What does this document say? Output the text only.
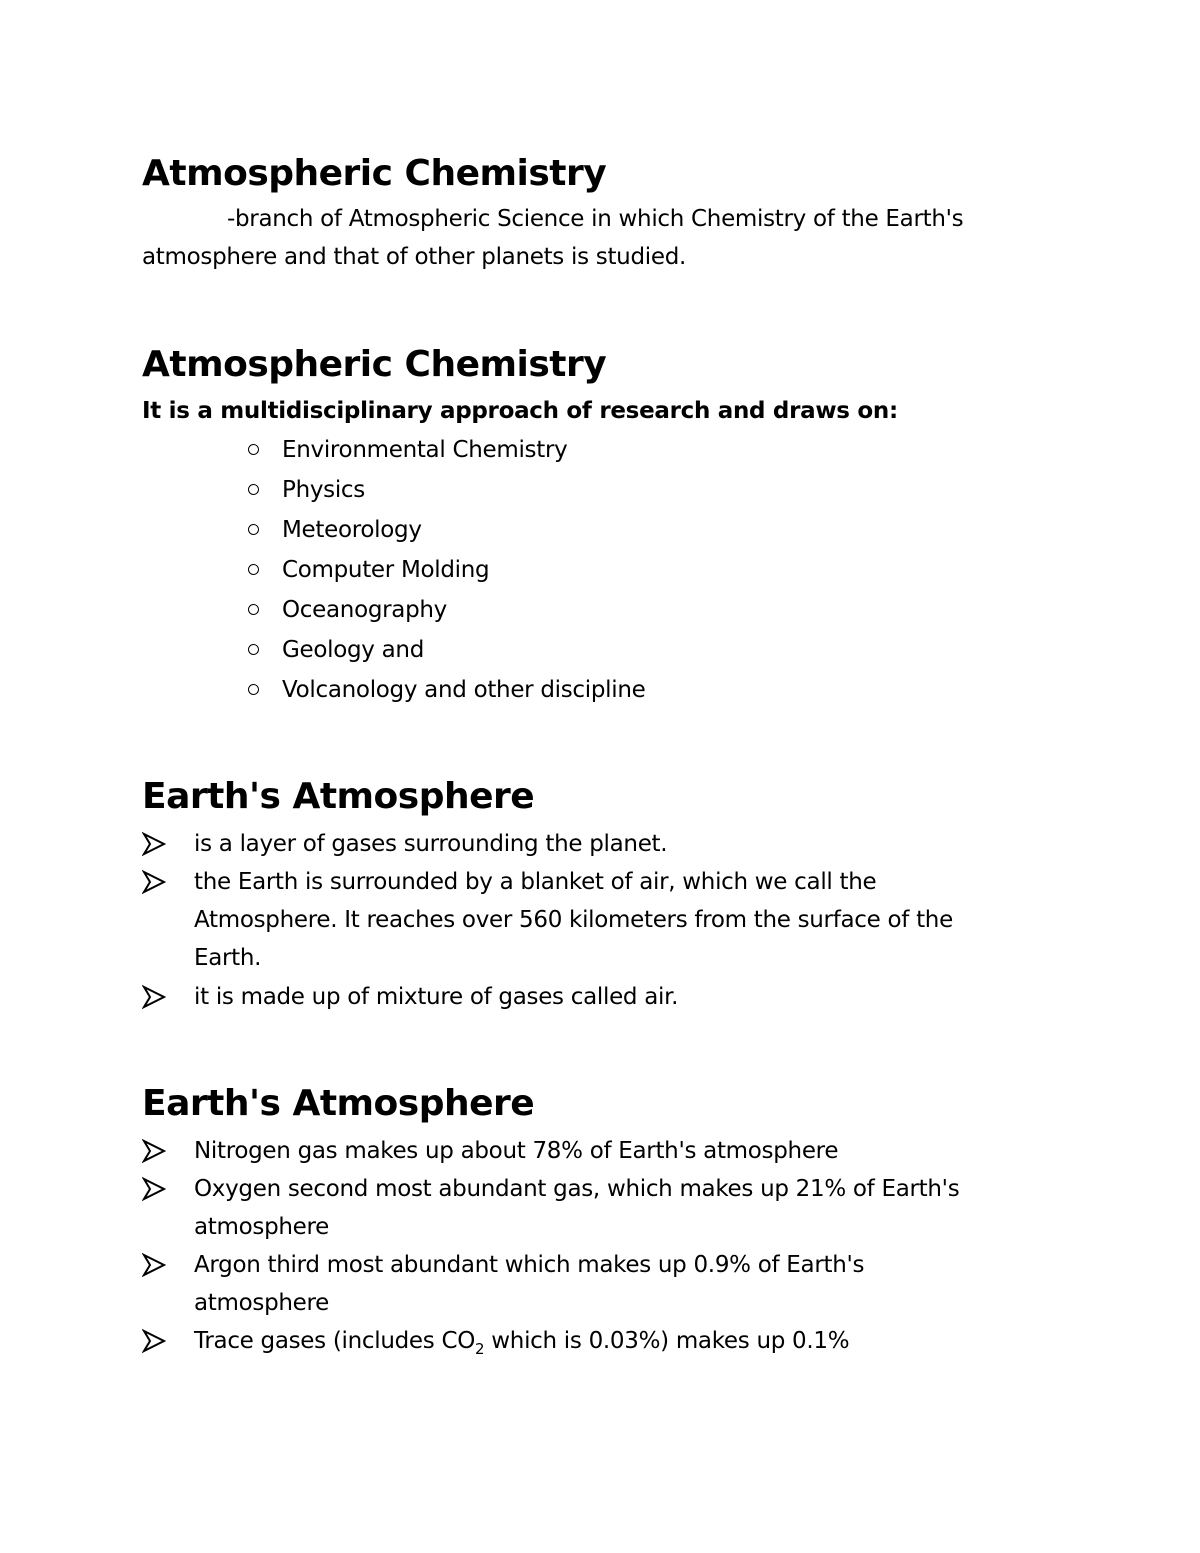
Atmospheric Chemistry

-branch of Atmospheric Science in which Chemistry of the Earth's

atmosphere and that of other planets is studied.

Atmospheric Chemistry

It is a multidisciplinary approach of research and draws on:

Environmental Chemistry
Physics
Meteorology
Computer Molding
Oceanography
Geology and
Volcanology and other discipline
Earth's Atmosphere
is a layer of gases surrounding the planet.
the Earth is surrounded by a blanket of air, which we call the
Atmosphere. It reaches over 560 kilometers from the surface of the
Earth.
it is made up of mixture of gases called air.
Earth's Atmosphere
Nitrogen gas makes up about 78% of Earth's atmosphere
Oxygen second most abundant gas, which makes up 21% of Earth's
atmosphere
Argon third most abundant which makes up 0.9% of Earth's
atmosphere
Trace gases (includes $CO_2$ which is 0.03%) makes up 0.1%
